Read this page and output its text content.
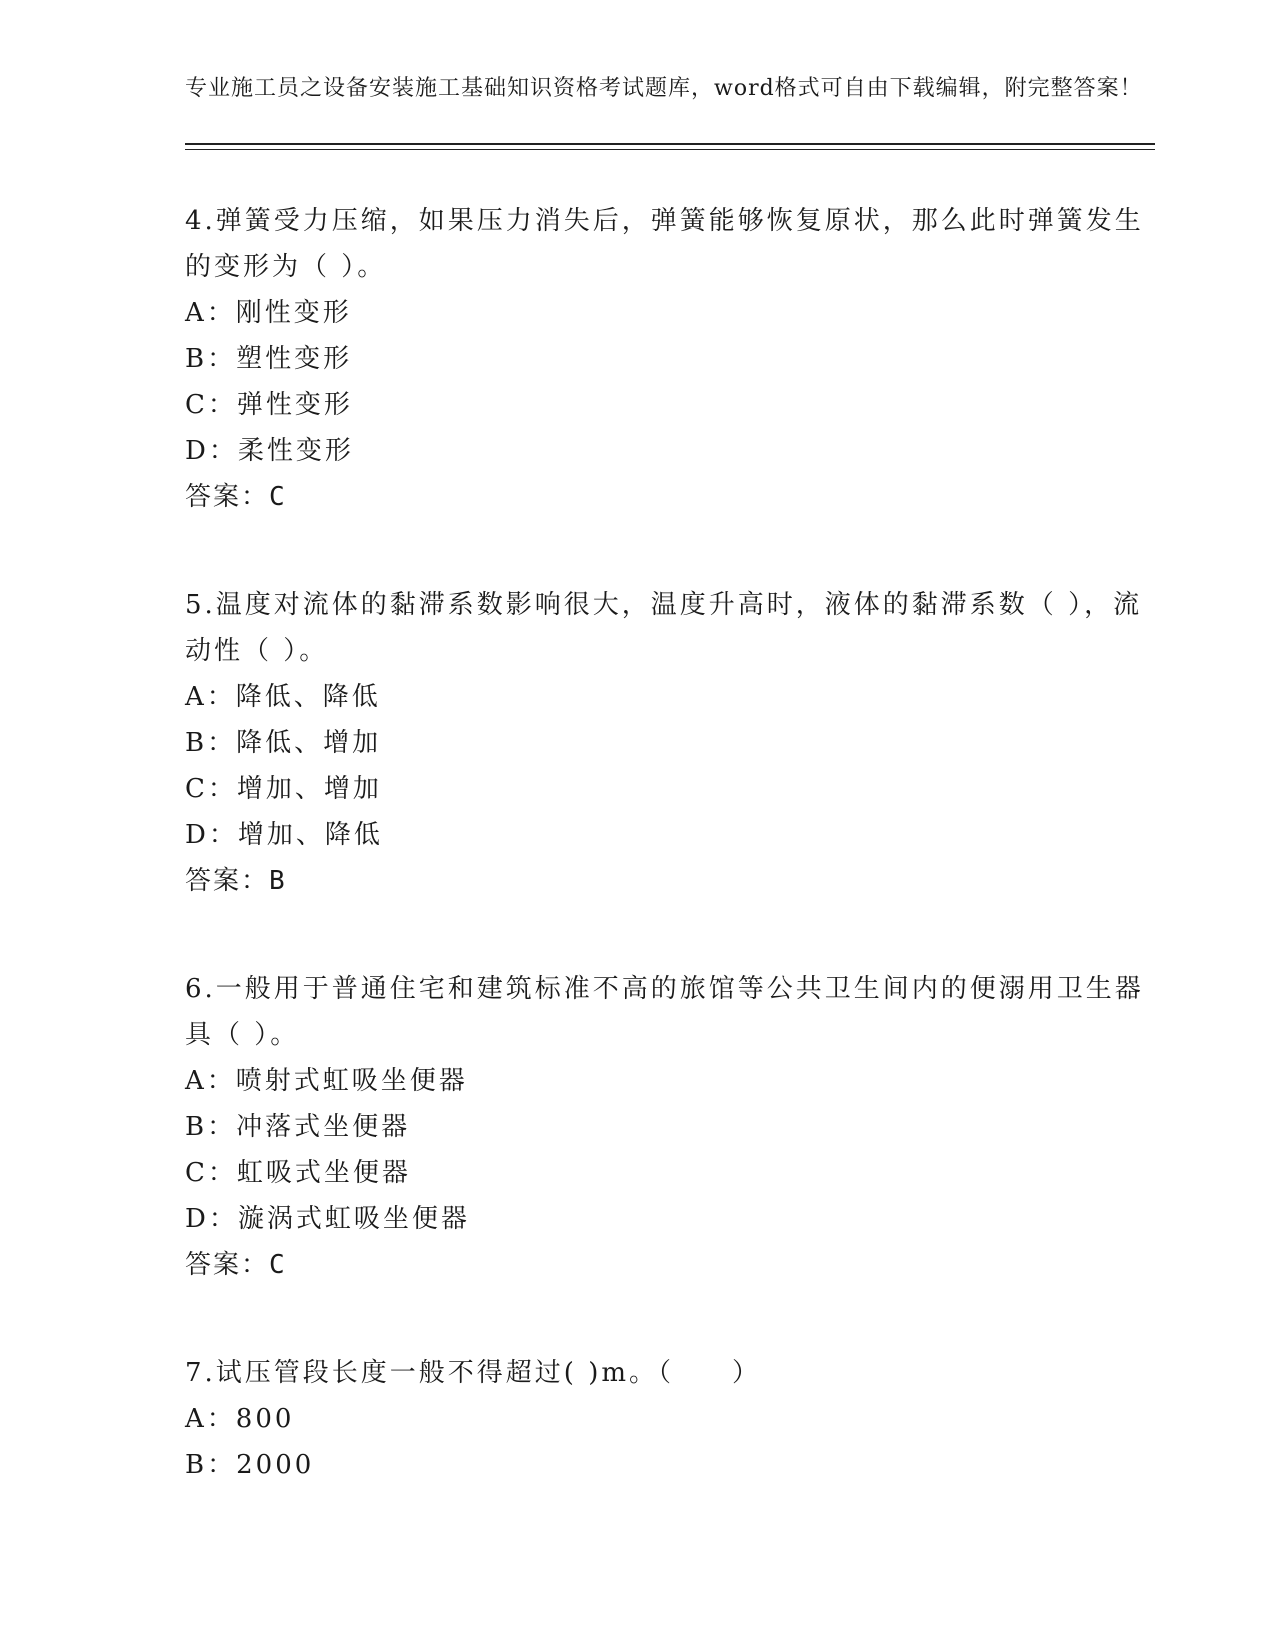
专业施工员之设备安装施工基础知识资格考试题库，word格式可自由下载编辑，附完整答案！

4.弹簧受力压缩，如果压力消失后，弹簧能够恢复原状，那么此时弹簧发生的变形为（ ）。

A：刚性变形

B：塑性变形

C：弹性变形

D：柔性变形

答案：C

5.温度对流体的黏滞系数影响很大，温度升高时，液体的黏滞系数（ ），流动性（ ）。

A：降低、降低

B：降低、增加

C：增加、增加

D：增加、降低

答案：B

6.一般用于普通住宅和建筑标准不高的旅馆等公共卫生间内的便溺用卫生器具（ ）。

A：喷射式虹吸坐便器

B：冲落式坐便器

C：虹吸式坐便器

D：漩涡式虹吸坐便器

答案：C

7.试压管段长度一般不得超过( )m。（　　）

A：800

B：2000
